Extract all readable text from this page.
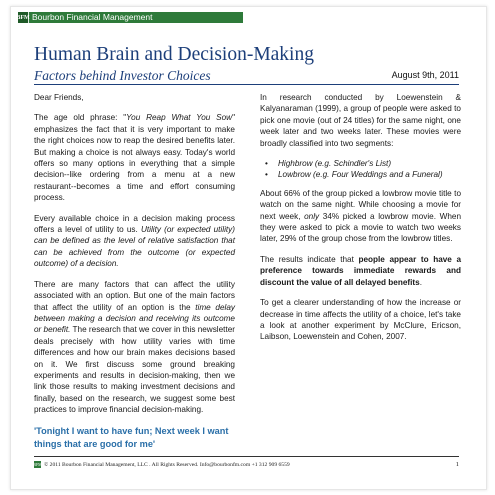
BFM Bourbon Financial Management
Human Brain and Decision-Making
Factors behind Investor Choices	August 9th, 2011

Dear Friends,

The age old phrase: "You Reap What You Sow" emphasizes the fact that it is very important to make the right choices now to reap the desired benefits later. But making a choice is not always easy. Today's world offers so many options in everything that a simple decision--like ordering from a menu at a new restaurant--becomes a time and effort consuming process.

Every available choice in a decision making process offers a level of utility to us. Utility (or expected utility) can be defined as the level of relative satisfaction that can be achieved from the outcome (or expected outcome) of a decision.

There are many factors that can affect the utility associated with an option. But one of the main factors that affect the utility of an option is the time delay between making a decision and receiving its outcome or benefit. The research that we cover in this newsletter deals precisely with how utility varies with time differences and how our brain makes decisions based on it. We first discuss some ground breaking experiments and results in decision-making, then we link those results to making investment decisions and finally, based on the research, we suggest some best practices to improve financial decision-making.

'Tonight I want to have fun; Next week I want things that are good for me'

In research conducted by Loewenstein & Kalyanaraman (1999), a group of people were asked to pick one movie (out of 24 titles) for the same night, one week later and two weeks later. These movies were broadly classified into two segments:

• Highbrow (e.g. Schindler's List)
• Lowbrow (e.g. Four Weddings and a Funeral)

About 66% of the group picked a lowbrow movie title to watch on the same night. While choosing a movie for next week, only 34% picked a lowbrow movie. When they were asked to pick a movie to watch two weeks later, 29% of the group chose from the lowbrow titles.

The results indicate that people appear to have a preference towards immediate rewards and discount the value of all delayed benefits.

To get a clearer understanding of how the increase or decrease in time affects the utility of a choice, let's take a look at another experiment by McClure, Ericson, Laibson, Loewenstein and Cohen, 2007.

BFM © 2011 Bourbon Financial Management, LLC . All Rights Reserved. Info@bourbonfm.com +1 312 909 6559	1
